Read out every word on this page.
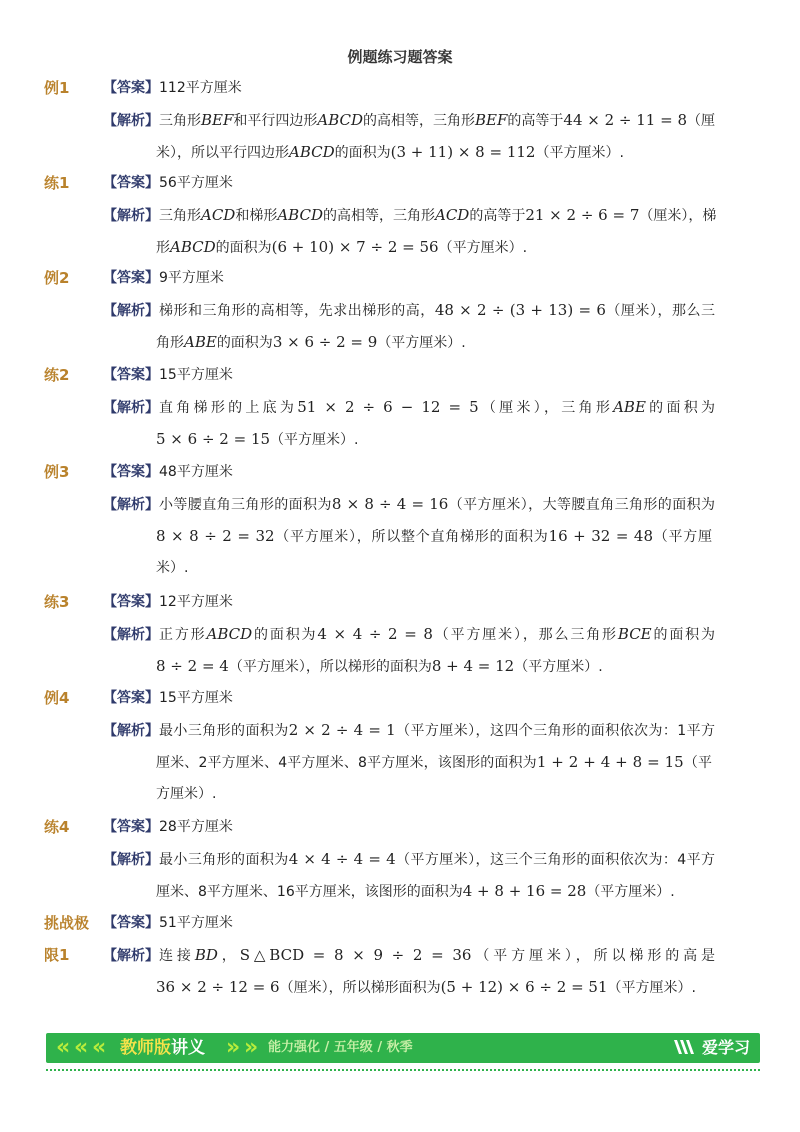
例题练习题答案
例1 【答案】112平方厘米
【解析】三角形BEF和平行四边形ABCD的高相等，三角形BEF的高等于44 × 2 ÷ 11 = 8（厘
米），所以平行四边形ABCD的面积为(3 + 11) × 8 = 112（平方厘米）.
练1 【答案】56平方厘米
【解析】三角形ACD和梯形ABCD的高相等，三角形ACD的高等于21 × 2 ÷ 6 = 7（厘米），梯
形ABCD的面积为(6 + 10) × 7 ÷ 2 = 56（平方厘米）.
例2 【答案】9平方厘米
【解析】梯形和三角形的高相等，先求出梯形的高，48 × 2 ÷ (3 + 13) = 6（厘米），那么三
角形ABE的面积为3 × 6 ÷ 2 = 9（平方厘米）.
练2 【答案】15平方厘米
【解析】直角梯形的上底为51 × 2 ÷ 6 − 12 = 5（厘米），三角形ABE的面积为
5 × 6 ÷ 2 = 15（平方厘米）.
例3 【答案】48平方厘米
【解析】小等腰直角三角形的面积为8 × 8 ÷ 4 = 16（平方厘米），大等腰直角三角形的面积为
8 × 8 ÷ 2 = 32（平方厘米），所以整个直角梯形的面积为16 + 32 = 48（平方厘
米）.
练3 【答案】12平方厘米
【解析】正方形ABCD的面积为4 × 4 ÷ 2 = 8（平方厘米），那么三角形BCE的面积为
8 ÷ 2 = 4（平方厘米），所以梯形的面积为8 + 4 = 12（平方厘米）.
例4 【答案】15平方厘米
【解析】最小三角形的面积为2 × 2 ÷ 4 = 1（平方厘米），这四个三角形的面积依次为：1平方
厘米、2平方厘米、4平方厘米、8平方厘米，该图形的面积为1 + 2 + 4 + 8 = 15（平
方厘米）.
练4 【答案】28平方厘米
【解析】最小三角形的面积为4 × 4 ÷ 4 = 4（平方厘米），这三个三角形的面积依次为：4平方
厘米、8平方厘米、16平方厘米，该图形的面积为4 + 8 + 16 = 28（平方厘米）.
挑战极
限1
【答案】51平方厘米
【解析】连接BD，S△BCD = 8 × 9 ÷ 2 = 36（平方厘米），所以梯形的高是
36 × 2 ÷ 12 = 6（厘米），所以梯形面积为(5 + 12) × 6 ÷ 2 = 51（平方厘米）.
« « « 教师版讲义 » » 能力强化 / 五年级 / 秋季	爱学习
